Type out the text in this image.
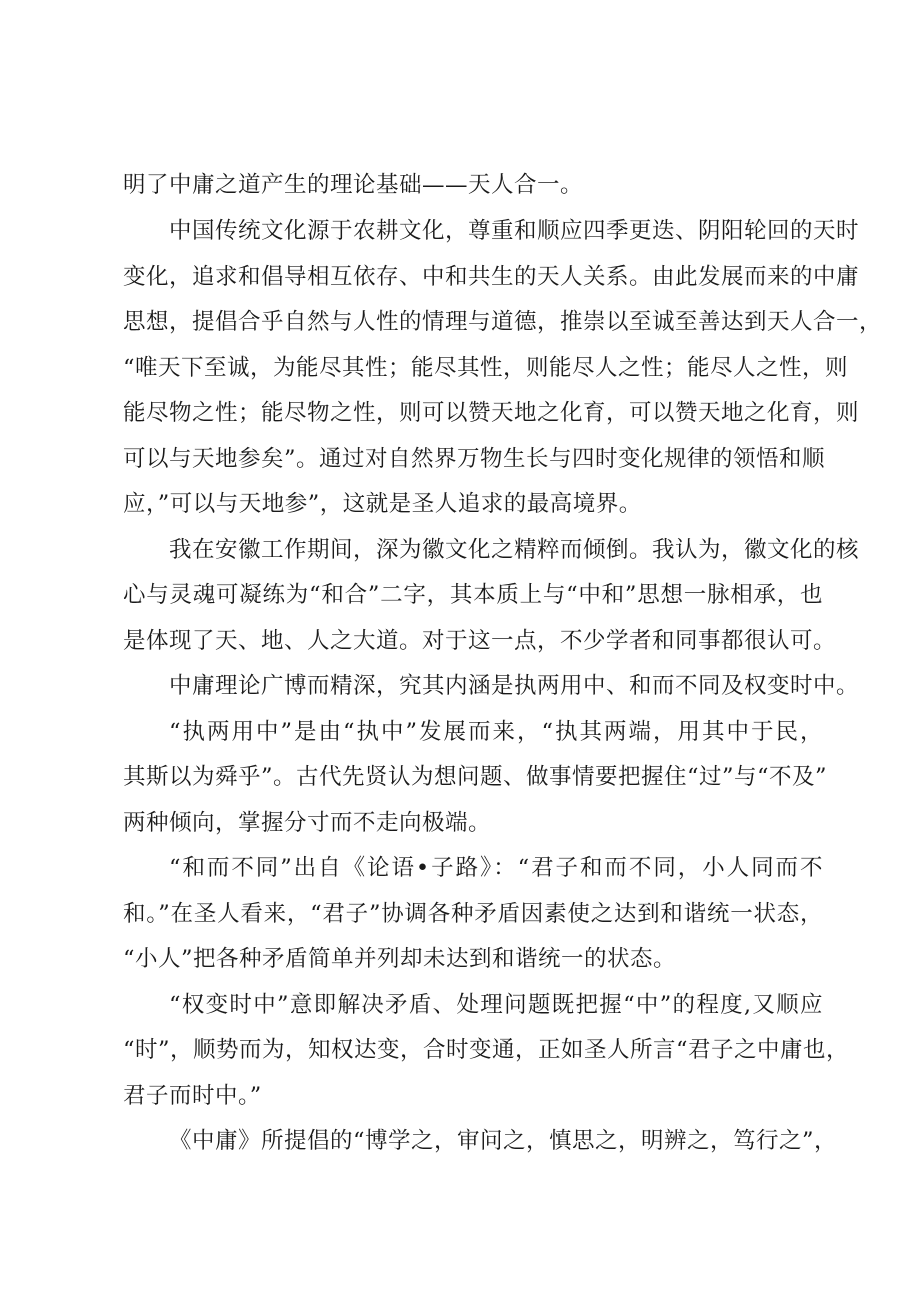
明了中庸之道产生的理论基础——天人合一。
中国传统文化源于农耕文化，尊重和顺应四季更迭、阴阳轮回的天时
变化，追求和倡导相互依存、中和共生的天人关系。由此发展而来的中庸
思想，提倡合乎自然与人性的情理与道德，推崇以至诚至善达到天人合一，
“唯天下至诚，为能尽其性；能尽其性，则能尽人之性；能尽人之性，则
能尽物之性；能尽物之性，则可以赞天地之化育，可以赞天地之化育，则
可以与天地参矣”。通过对自然界万物生长与四时变化规律的领悟和顺
应，”可以与天地参”，这就是圣人追求的最高境界。
我在安徽工作期间，深为徽文化之精粹而倾倒。我认为，徽文化的核
心与灵魂可凝练为“和合”二字，其本质上与“中和”思想一脉相承，也
是体现了天、地、人之大道。对于这一点，不少学者和同事都很认可。
中庸理论广博而精深，究其内涵是执两用中、和而不同及权变时中。
“执两用中”是由“执中”发展而来，“执其两端，用其中于民，
其斯以为舜乎”。古代先贤认为想问题、做事情要把握住“过”与“不及”
两种倾向，掌握分寸而不走向极端。
“和而不同”出自《论语•子路》：“君子和而不同，小人同而不
和。”在圣人看来，“君子”协调各种矛盾因素使之达到和谐统一状态，
“小人”把各种矛盾简单并列却未达到和谐统一的状态。
“权变时中”意即解决矛盾、处理问题既把握“中”的程度,又顺应
“时”，顺势而为，知权达变，合时变通，正如圣人所言“君子之中庸也，
君子而时中。”
《中庸》所提倡的“博学之，审问之，慎思之，明辨之，笃行之”，
